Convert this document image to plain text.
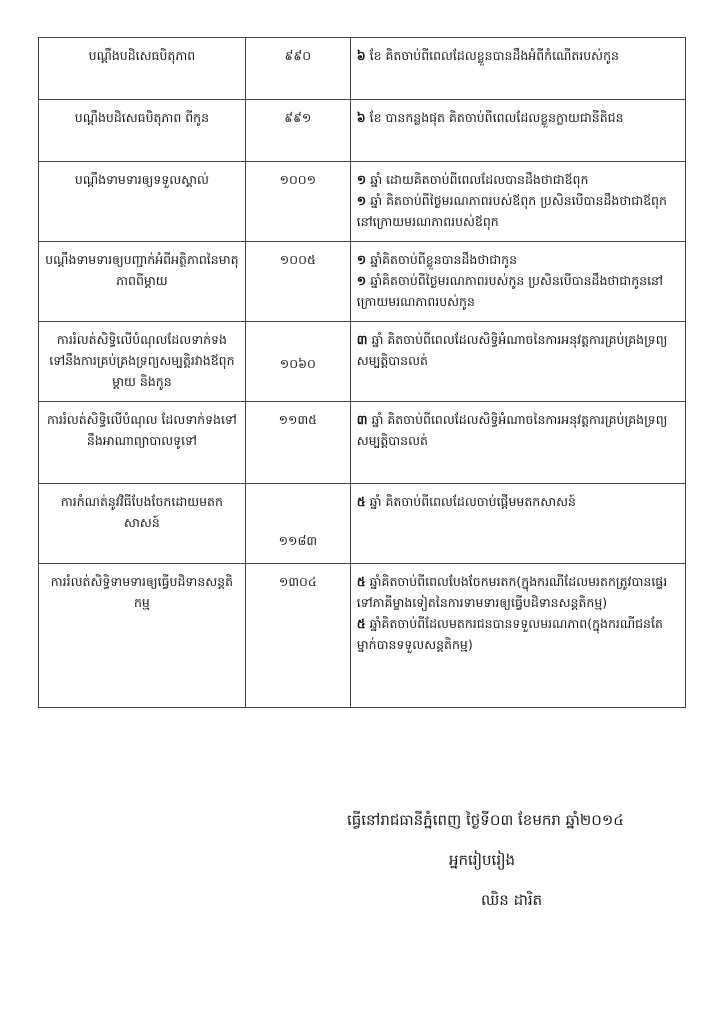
បណ្ដឹងបដិសេធបិតុភាព	៩៩០	៦ ខែ គិតចាប់ពីពេលដែលខ្លួនបានដឹងអំពីកំណើតរបស់កូន

បណ្ដឹងបដិសេធបិតុភាព ពីកូន	៩៩១	៦ ខែ បានកន្លងផុត គិតចាប់ពីពេលដែលខ្លួនក្លាយជានីតិជន

បណ្ដឹងទាមទារឲ្យទទួលស្គាល់	១០០១	១ ឆ្នាំ ដោយគិតចាប់ពីពេលដែលបានដឹងថាជាឪពុក
១ ឆ្នាំ គិតចាប់ពីថ្ងៃមរណភាពរបស់ឪពុក ប្រសិនបើបានដឹងថាជាឪពុកនៅក្រោយមរណភាពរបស់ឪពុក

បណ្ដឹងទាមទារឲ្យបញ្ជាក់អំពីអត្ថិភាពនៃមាតុភាពពីម្ដាយ	១០០៥	១ ឆ្នាំគិតចាប់ពីខ្លួនបានដឹងថាជាកូន
១ ឆ្នាំគិតចាប់ពីថ្ងៃមរណភាពរបស់កូន ប្រសិនបើបានដឹងថាជាកូននៅក្រោយមរណភាពរបស់កូន

ការរំលត់សិទ្ធិលើបំណុលដែលទាក់ទងទៅនឹងការគ្រប់គ្រងទ្រព្យសម្បត្តិរវាងឪពុកម្ដាយ និងកូន	១០៦០	៣ ឆ្នាំ គិតចាប់ពីពេលដែលសិទ្ធិអំណាចនៃការអនុវត្តការគ្រប់គ្រងទ្រព្យសម្បត្តិបានលត់

ការរំលត់សិទ្ធិលើបំណុល ដែលទាក់ទងទៅ នឹងអាណាព្យាបាលទូទៅ	១១៣៥	៣ ឆ្នាំ គិតចាប់ពីពេលដែលសិទ្ធិអំណាចនៃការអនុវត្តការគ្រប់គ្រងទ្រព្យសម្បត្តិបានលត់

ការកំណត់នូវវិធីបែងចែកដោយមតកសាសន៍	១១៨៣	៥ ឆ្នាំ គិតចាប់ពីពេលដែលចាប់ផ្ដើមមតកសាសន៍

ការរំលត់សិទ្ធិទាមទារឲ្យធ្វើបដិទានសន្តតិកម្ម	១៣០៤	៥ ឆ្នាំគិតចាប់ពីពេលបែងចែកមរតក(ក្នុងករណីដែលមរតកត្រូវបានផ្ទេរទៅភាគីម្ខាងទៀតនៃការទាមទារឲ្យធ្វើបដិទានសន្តតិកម្ម)
៥ ឆ្នាំគិតចាប់ពីដែលមតករជនបានទទួលមរណភាព(ក្នុងករណីជនតែម្នាក់បានទទួលសន្តតិកម្ម)
ធ្វើនៅរាជធានីភ្នំពេញ ថ្ងៃទី០៣ ខែមករា ឆ្នាំ២០១៤
អ្នករៀបរៀង
ឈិន ដារិត
